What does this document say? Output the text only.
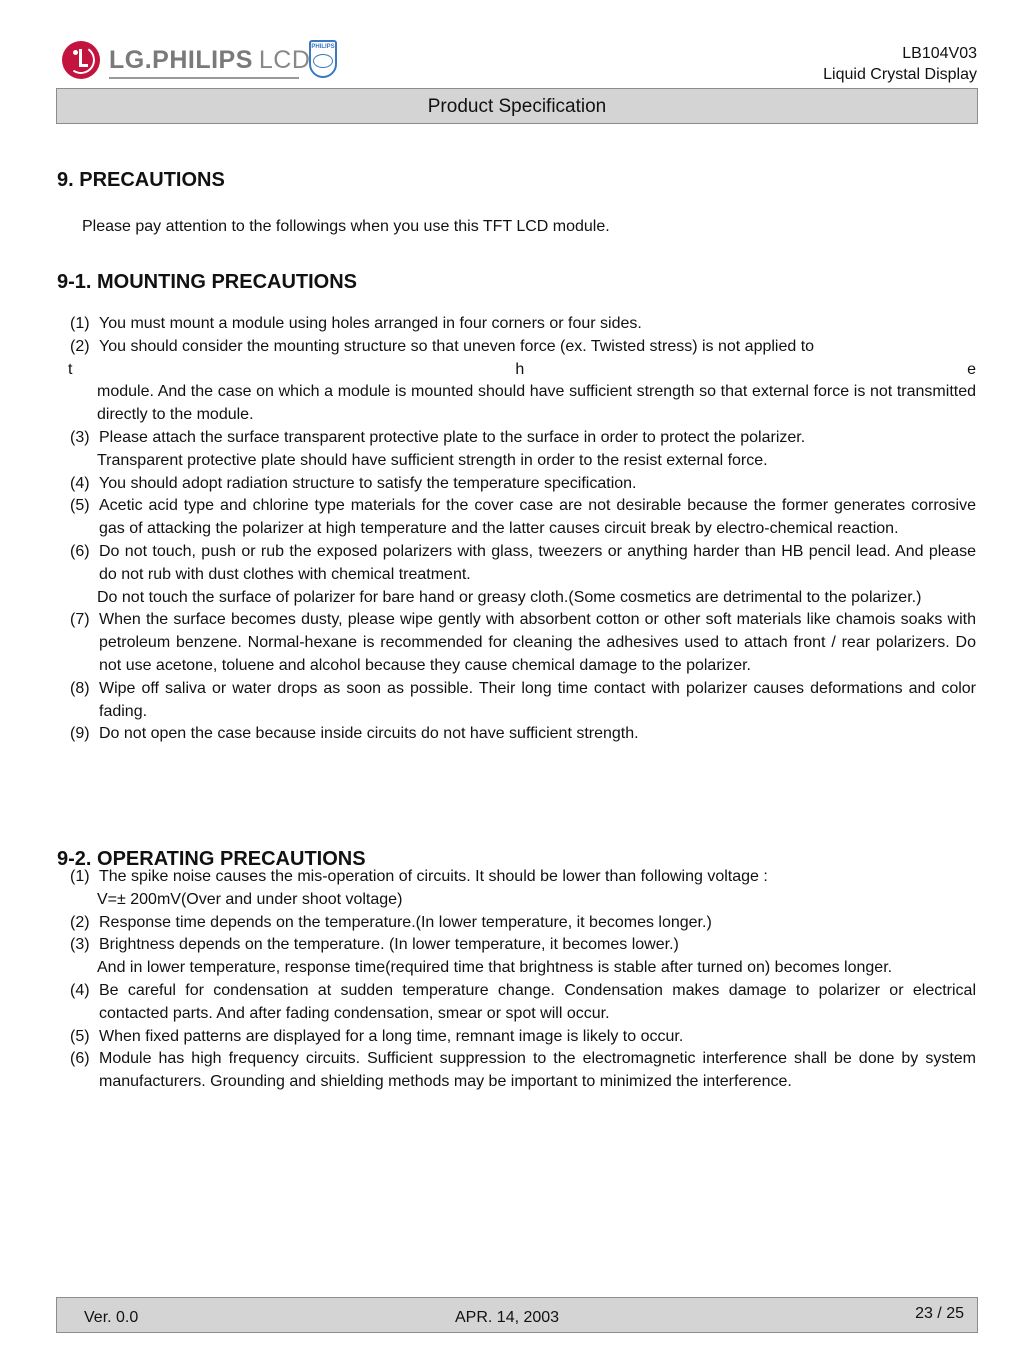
LG.PHILIPS LCD PHILIPS	LB104V03
Liquid Crystal Display
Product Specification
9. PRECAUTIONS
Please pay attention to the followings when you use this TFT LCD module.
9-1. MOUNTING PRECAUTIONS
(1) You must mount a module using holes arranged in four corners or four sides.
(2) You should consider the mounting structure so that uneven force (ex. Twisted stress) is not applied to
t	h	e
module. And the case on which a module is mounted should have sufficient strength so that external force is not transmitted directly to the module.
(3) Please attach the surface transparent protective plate to the surface in order to protect the polarizer.
Transparent protective plate should have sufficient strength in order to the resist external force.
(4) You should adopt radiation structure to satisfy the temperature specification.
(5) Acetic acid type and chlorine type materials for the cover case are not desirable because the former generates corrosive gas of attacking the polarizer at high temperature and the latter causes circuit break by electro-chemical reaction.
(6) Do not touch, push or rub the exposed polarizers with glass, tweezers or anything harder than HB pencil lead. And please do not rub with dust clothes with chemical treatment.
Do not touch the surface of polarizer for bare hand or greasy cloth.(Some cosmetics are detrimental to the polarizer.)
(7) When the surface becomes dusty, please wipe gently with absorbent cotton or other soft materials like chamois soaks with petroleum benzene. Normal-hexane is recommended for cleaning the adhesives used to attach front / rear polarizers. Do not use acetone, toluene and alcohol because they cause chemical damage to the polarizer.
(8) Wipe off saliva or water drops as soon as possible. Their long time contact with polarizer causes deformations and color fading.
(9) Do not open the case because inside circuits do not have sufficient strength.
9-2. OPERATING PRECAUTIONS
(1) The spike noise causes the mis-operation of circuits. It should be lower than following voltage :
V=± 200mV(Over and under shoot voltage)
(2) Response time depends on the temperature.(In lower temperature, it becomes longer.)
(3) Brightness depends on the temperature. (In lower temperature, it becomes lower.)
And in lower temperature, response time(required time that brightness is stable after turned on) becomes longer.
(4) Be careful for condensation at sudden temperature change. Condensation makes damage to polarizer or electrical contacted parts. And after fading condensation, smear or spot will occur.
(5) When fixed patterns are displayed for a long time, remnant image is likely to occur.
(6) Module has high frequency circuits. Sufficient suppression to the electromagnetic interference shall be done by system manufacturers. Grounding and shielding methods may be important to minimized the interference.
Ver. 0.0	APR. 14, 2003	23 / 25
